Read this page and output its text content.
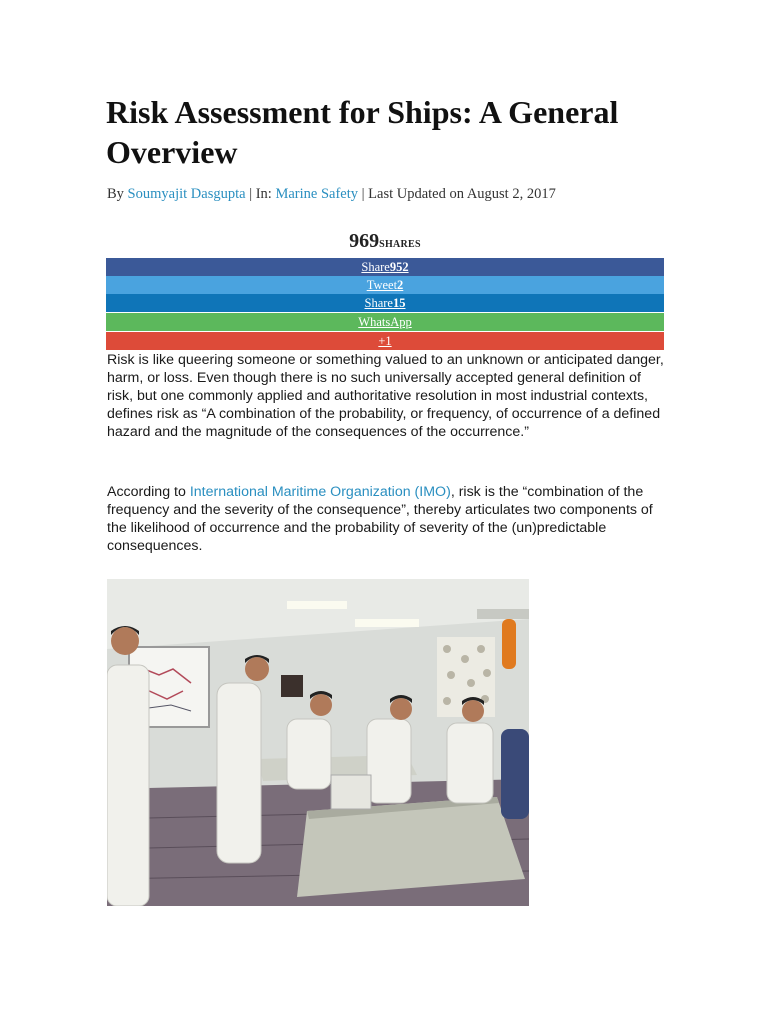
Risk Assessment for Ships: A General Overview
By Soumyajit Dasgupta | In: Marine Safety | Last Updated on August 2, 2017
969SHARES
Share952
Tweet2
Share15
WhatsApp
+1

Risk is like queering someone or something valued to an unknown or anticipated danger, harm, or loss. Even though there is no such universally accepted general definition of risk, but one commonly applied and authoritative resolution in most industrial contexts, defines risk as “A combination of the probability, or frequency, of occurrence of a defined hazard and the magnitude of the consequences of the occurrence.”

According to International Maritime Organization (IMO), risk is the “combination of the frequency and the severity of the consequence”, thereby articulates two components of the likelihood of occurrence and the probability of severity of the (un)predictable consequences.
